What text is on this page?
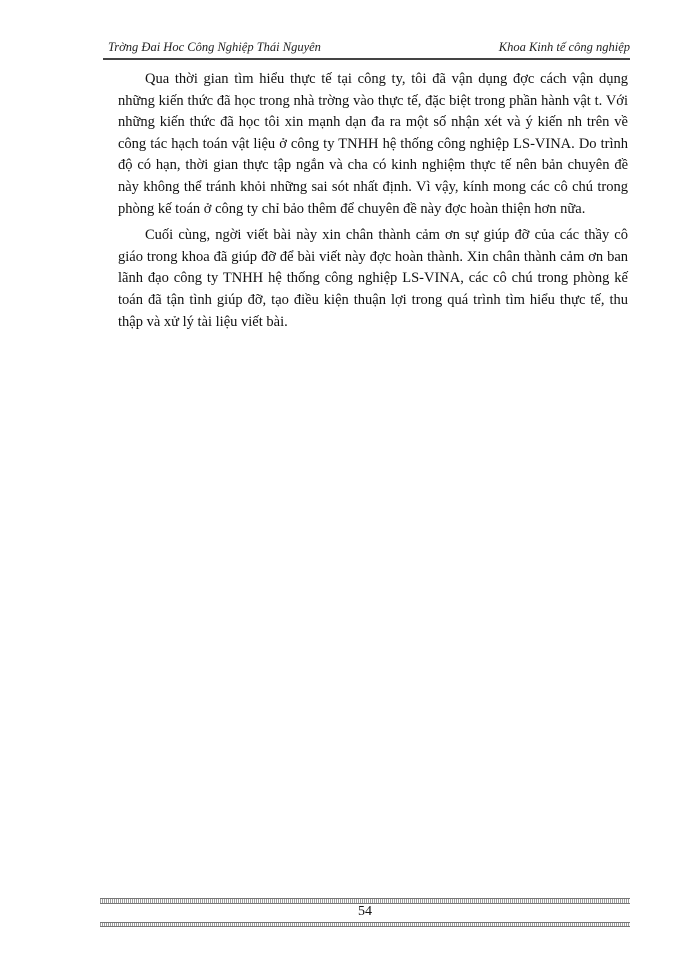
Trờng Đai Hoc Công Nghiệp Thái Nguyên	Khoa Kinh tế công nghiệp

Qua thời gian tìm hiểu thực tế tại công ty, tôi đã vận dụng đợc cách vận dụng những kiến thức đã học trong nhà trờng vào thực tế, đặc biệt trong phần hành vật t. Với những kiến thức đã học tôi xin mạnh dạn đa ra một số nhận xét và ý kiến nh trên về công tác hạch toán vật liệu ở công ty TNHH hệ thống công nghiệp LS-VINA. Do trình độ có hạn, thời gian thực tập ngắn và cha có kinh nghiệm thực tế nên bản chuyên đề này không thể tránh khỏi những sai sót nhất định. Vì vậy, kính mong các cô chú trong phòng kế toán ở công ty chỉ bảo thêm để chuyên đề này đợc hoàn thiện hơn nữa.

Cuối cùng, ngời viết bài này xin chân thành cảm ơn sự giúp đỡ của các thầy cô giáo trong khoa đã giúp đỡ để bài viết này đợc hoàn thành. Xin chân thành cảm ơn ban lãnh đạo công ty TNHH hệ thống công nghiệp LS-VINA, các cô chú trong phòng kế toán đã tận tình giúp đỡ, tạo điều kiện thuận lợi trong quá trình tìm hiểu thực tế, thu thập và xử lý tài liệu viết bài.

54
